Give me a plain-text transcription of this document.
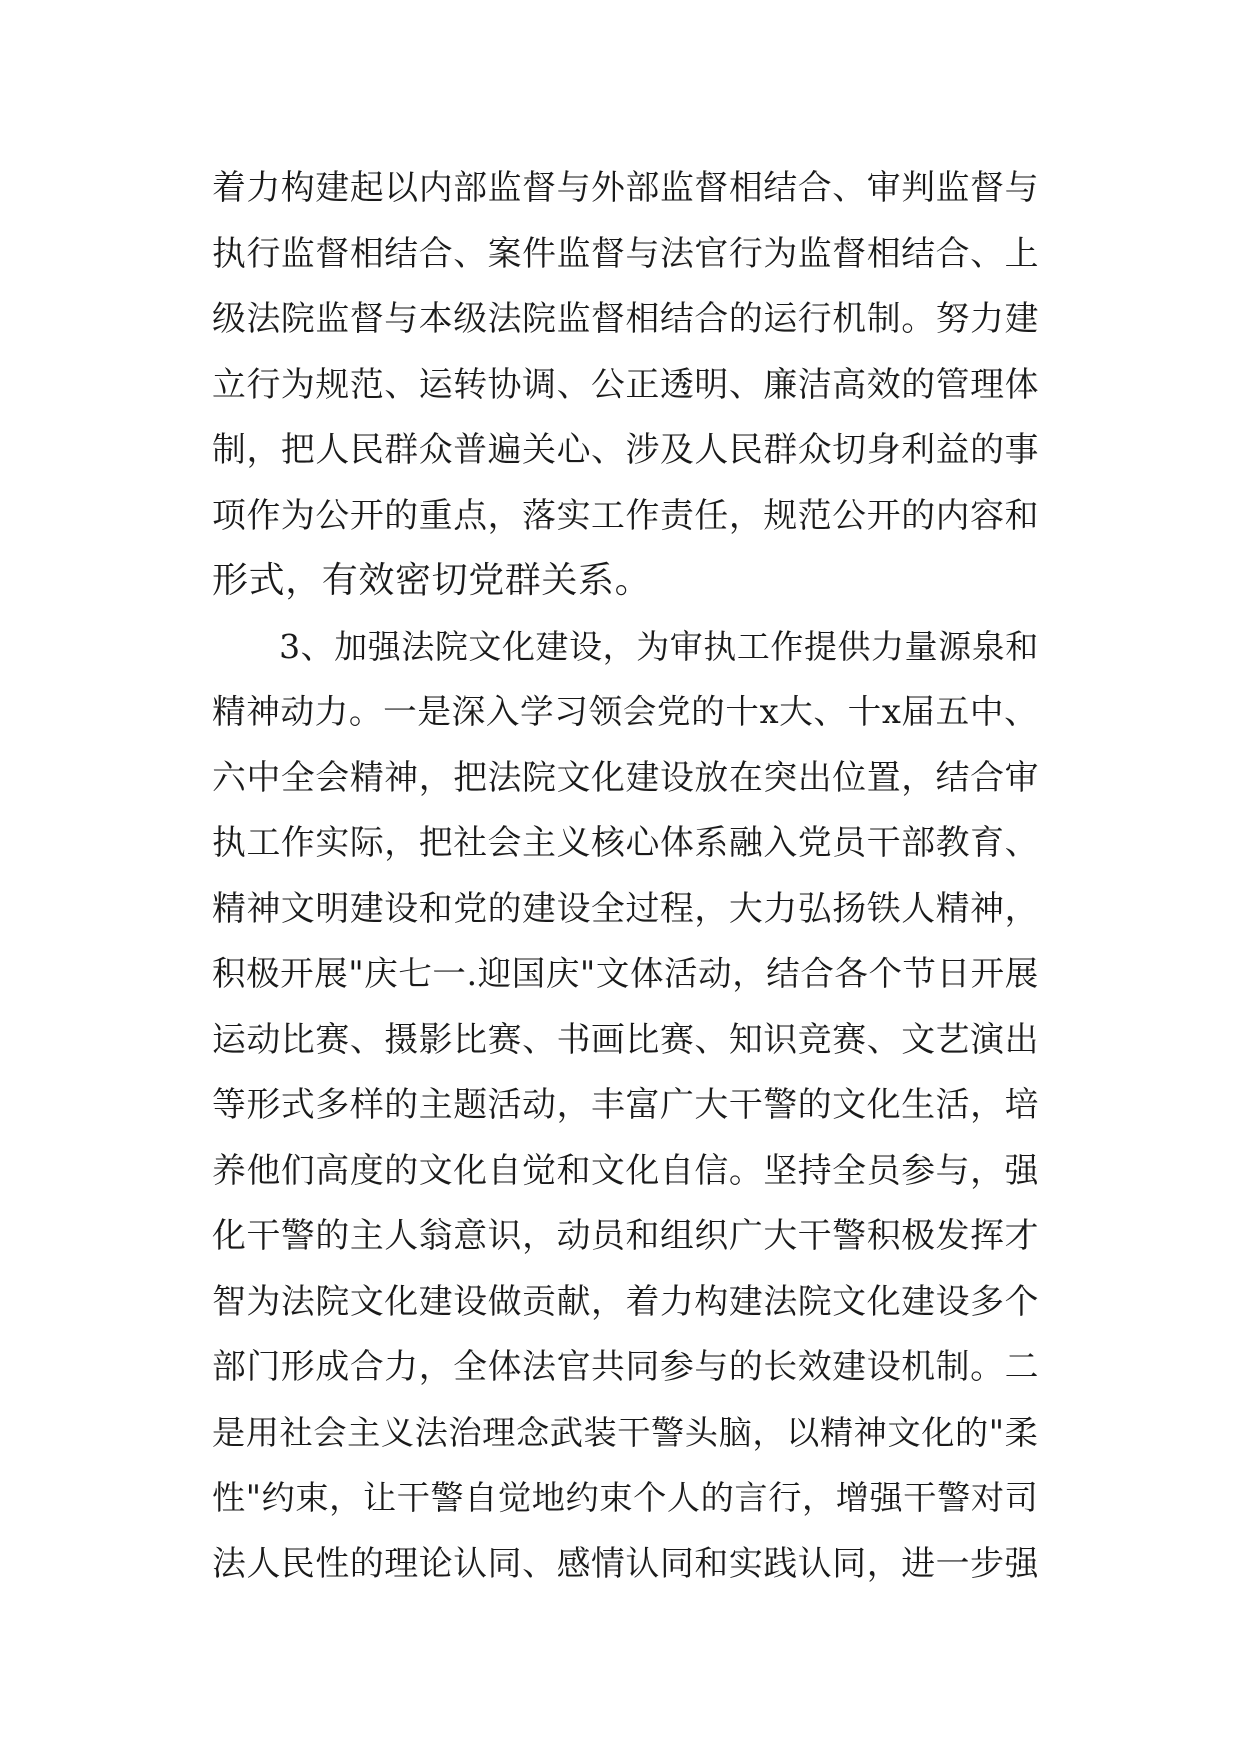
着力构建起以内部监督与外部监督相结合、审判监督与
执行监督相结合、案件监督与法官行为监督相结合、上
级法院监督与本级法院监督相结合的运行机制。努力建
立行为规范、运转协调、公正透明、廉洁高效的管理体
制，把人民群众普遍关心、涉及人民群众切身利益的事
项作为公开的重点，落实工作责任，规范公开的内容和
形式，有效密切党群关系。
　　3、加强法院文化建设，为审执工作提供力量源泉和
精神动力。一是深入学习领会党的十x大、十x届五中、
六中全会精神，把法院文化建设放在突出位置，结合审
执工作实际，把社会主义核心体系融入党员干部教育、
精神文明建设和党的建设全过程，大力弘扬铁人精神，
积极开展"庆七一.迎国庆"文体活动，结合各个节日开展
运动比赛、摄影比赛、书画比赛、知识竞赛、文艺演出
等形式多样的主题活动，丰富广大干警的文化生活，培
养他们高度的文化自觉和文化自信。坚持全员参与，强
化干警的主人翁意识，动员和组织广大干警积极发挥才
智为法院文化建设做贡献，着力构建法院文化建设多个
部门形成合力，全体法官共同参与的长效建设机制。二
是用社会主义法治理念武装干警头脑，以精神文化的"柔
性"约束，让干警自觉地约束个人的言行，增强干警对司
法人民性的理论认同、感情认同和实践认同，进一步强
